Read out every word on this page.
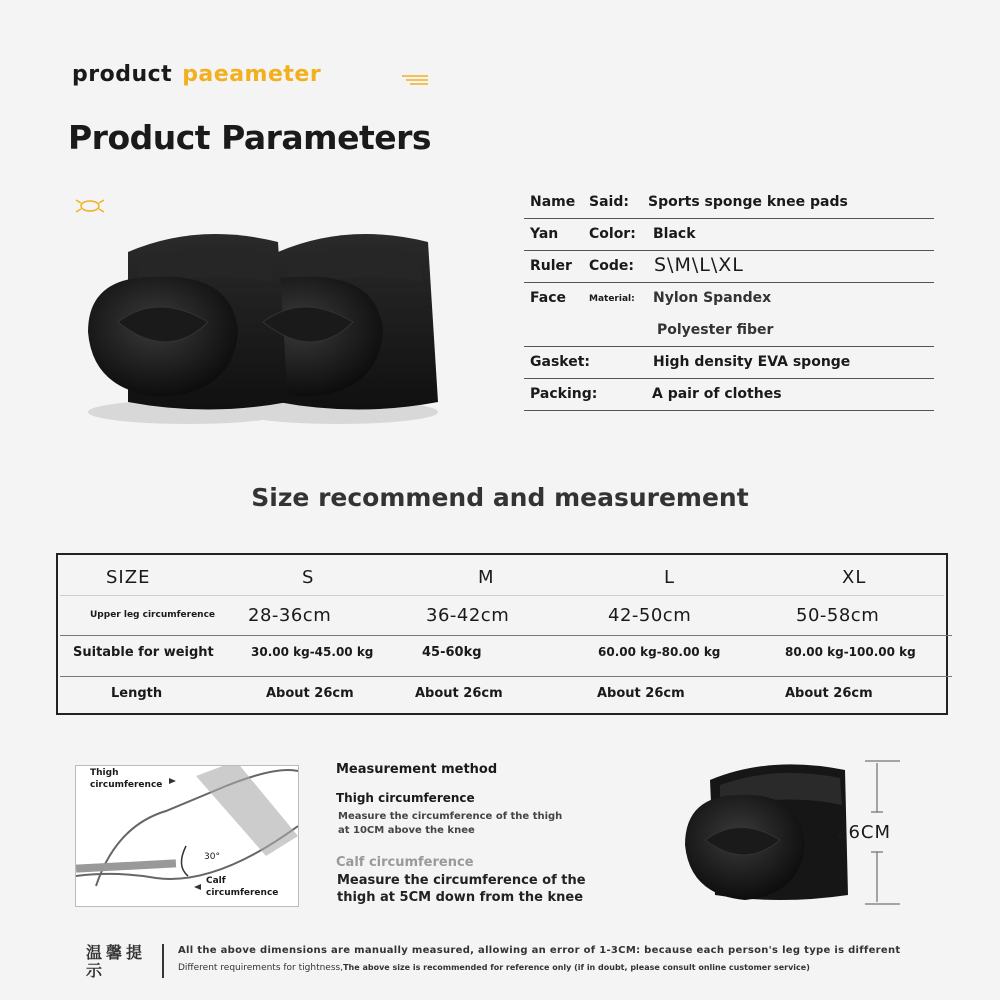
product paeameter
Product Parameters
Name Said: Sports sponge knee pads
Yan Color: Black
Ruler Code: S\M\L\XL
Face	Material: Nylon Spandex
Polyester fiber
Gasket:	High density EVA sponge
Packing:	A pair of clothes
Size recommend and measurement
SIZE	S	M	L	XL
Upper leg circumference 28-36cm	36-42cm	42-50cm	50-58cm
Suitable for weight	30.00 kg-45.00 kg	45-60kg	60.00 kg-80.00 kg	80.00 kg-100.00 kg
Length	About 26cm	About 26cm	About 26cm	About 26cm
Thigh
circumference
30°
Calf
circumference
Measurement method
Thigh circumference
Measure the circumference of the thigh
at 10CM above the knee
Calf circumference
Measure the circumference of the
thigh at 5CM down from the knee
26CM
温馨提示
All the above dimensions are manually measured, allowing an error of 1-3CM: because each person's leg type is different
Different requirements for tightness,The above size is recommended for reference only (if in doubt, please consult online customer service)
